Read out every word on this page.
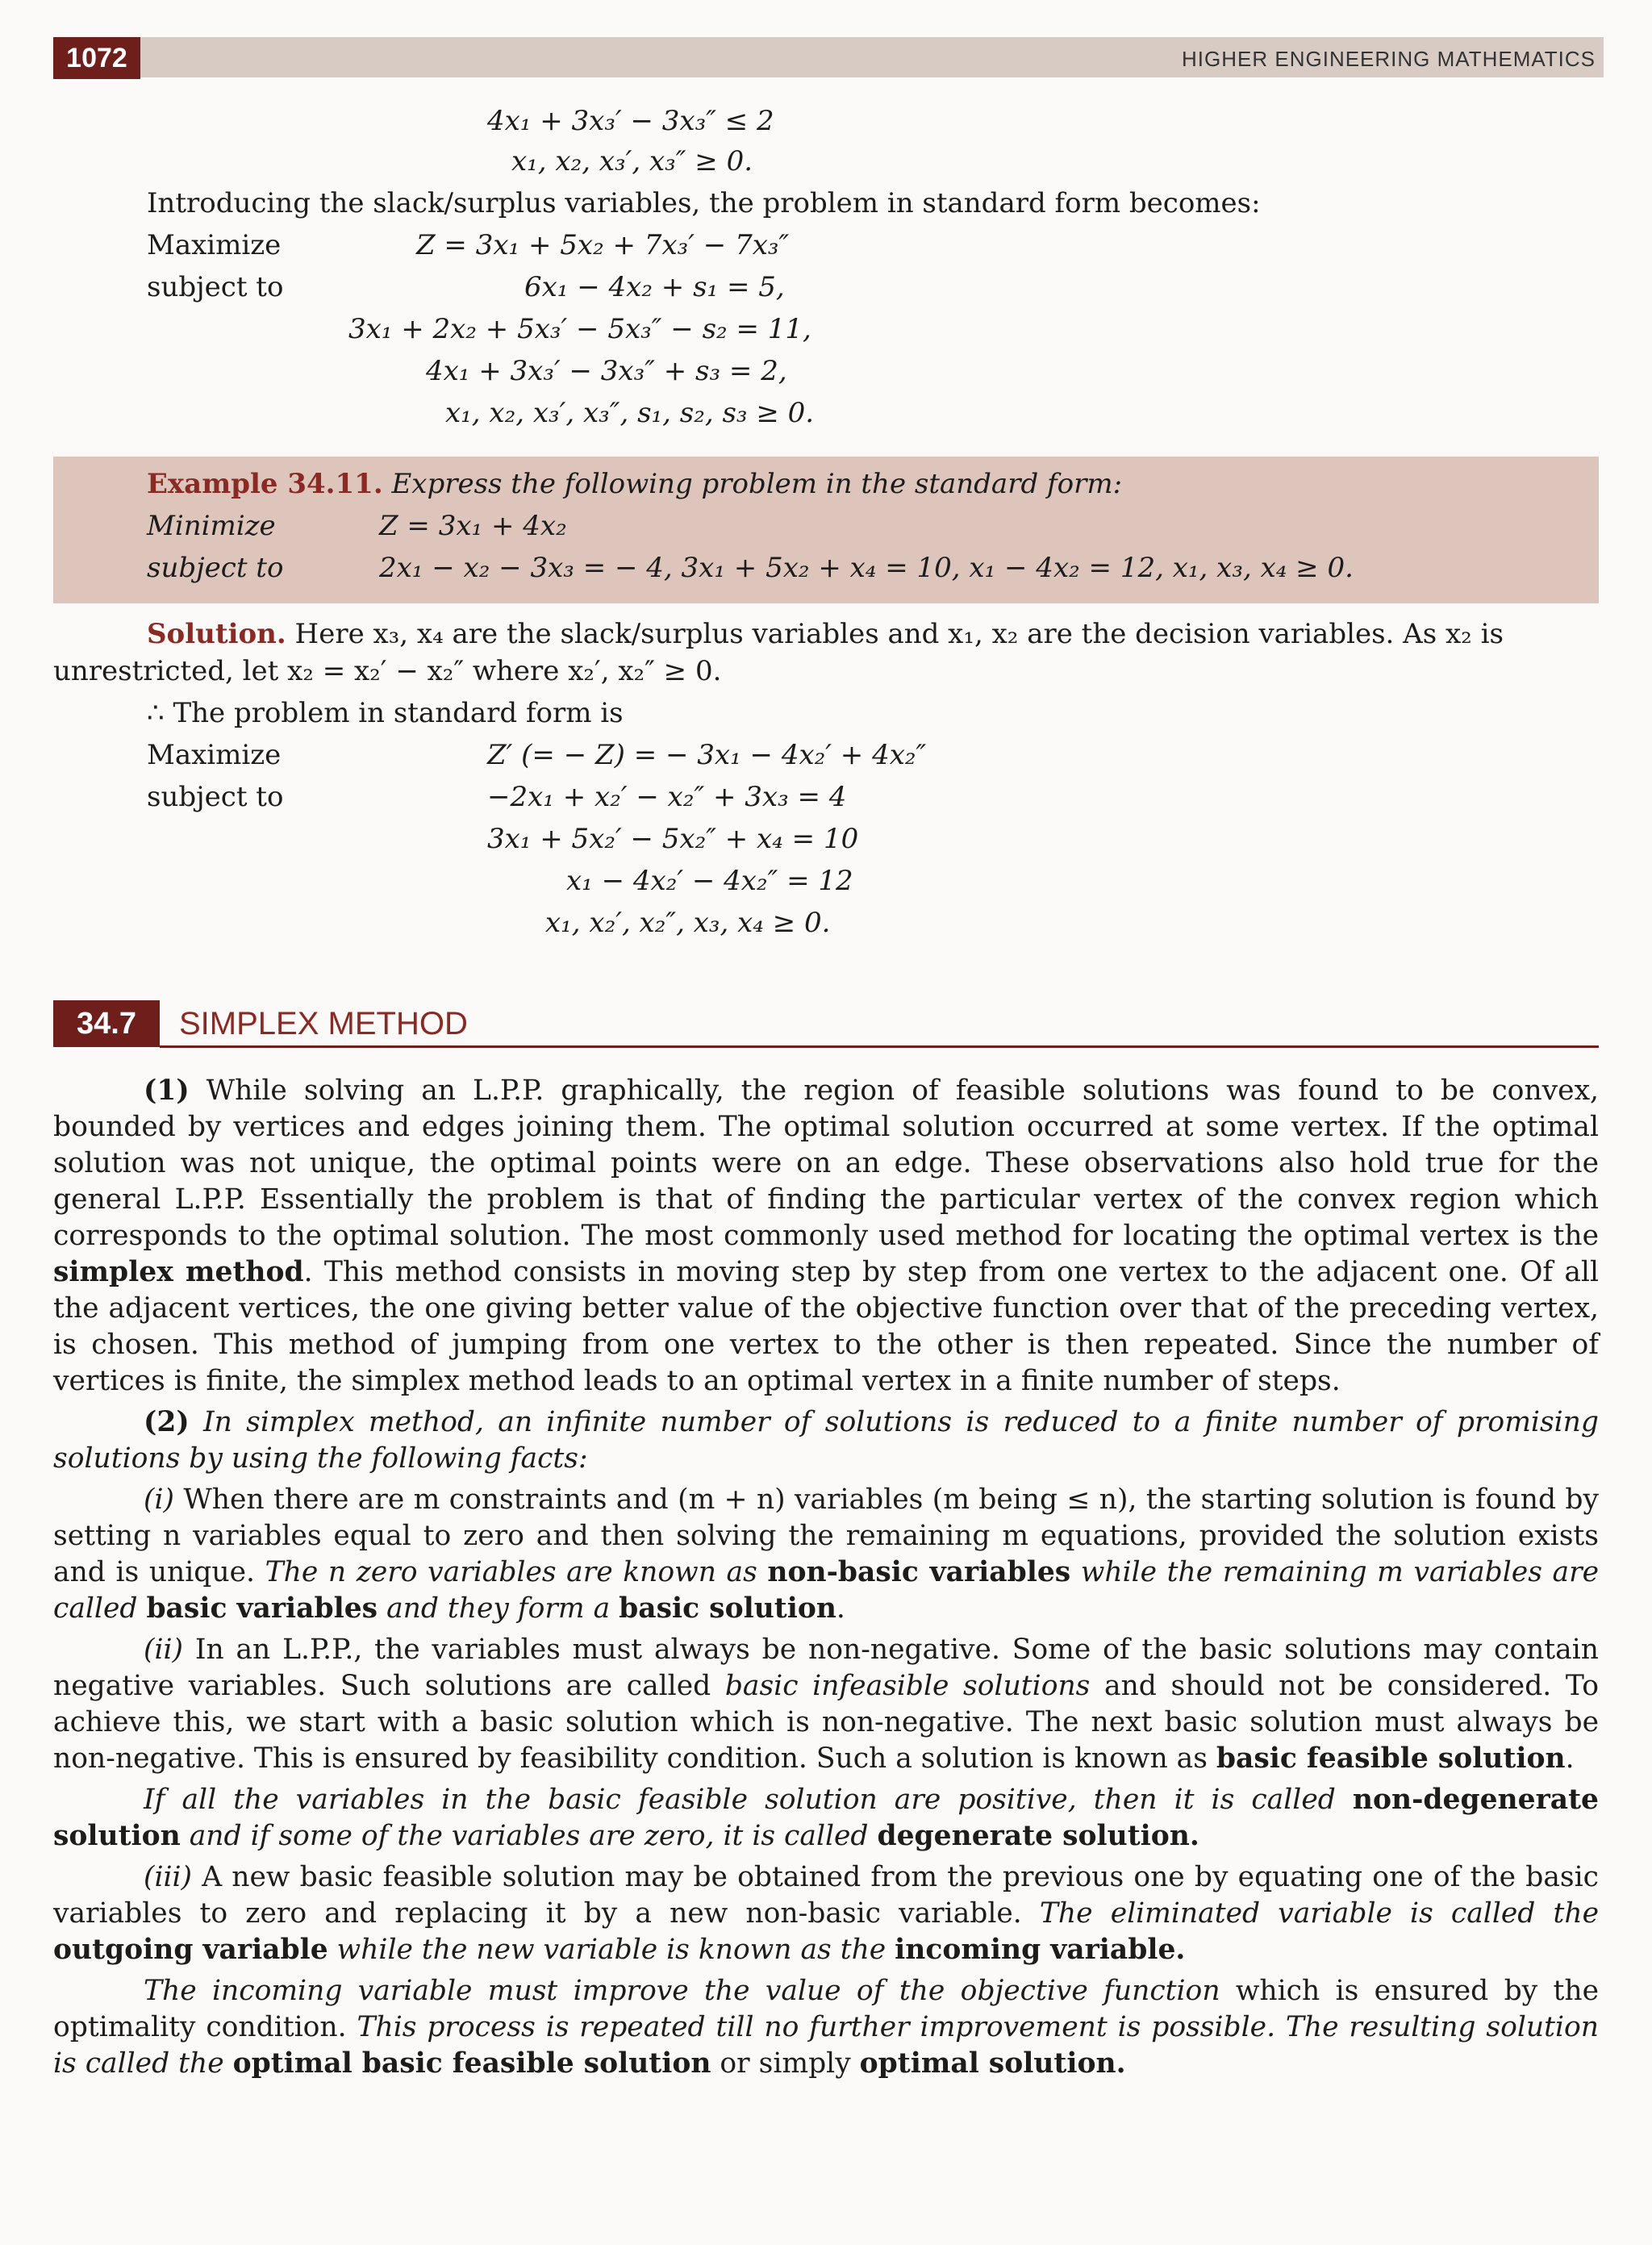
1072	HIGHER ENGINEERING MATHEMATICS
4x₁ + 3x₃′ − 3x₃″ ≤ 2
x₁, x₂, x₃′, x₃″ ≥ 0.
Introducing the slack/surplus variables, the problem in standard form becomes:
Maximize	Z = 3x₁ + 5x₂ + 7x₃′ − 7x₃″
subject to	6x₁ − 4x₂ + s₁ = 5,
3x₁ + 2x₂ + 5x₃′ − 5x₃″ − s₂ = 11,
4x₁ + 3x₃′ − 3x₃″ + s₃ = 2,
x₁, x₂, x₃′, x₃″, s₁, s₂, s₃ ≥ 0.
Example 34.11. Express the following problem in the standard form:
Minimize	Z = 3x₁ + 4x₂
subject to	2x₁ − x₂ − 3x₃ = − 4, 3x₁ + 5x₂ + x₄ = 10, x₁ − 4x₂ = 12, x₁, x₃, x₄ ≥ 0.
Solution. Here x₃, x₄ are the slack/surplus variables and x₁, x₂ are the decision variables. As x₂ is
unrestricted, let x₂ = x₂′ − x₂″ where x₂′, x₂″ ≥ 0.
∴ The problem in standard form is
Maximize	Z′ (= − Z) = − 3x₁ − 4x₂′ + 4x₂″
subject to	−2x₁ + x₂′ − x₂″ + 3x₃ = 4
3x₁ + 5x₂′ − 5x₂″ + x₄ = 10
x₁ − 4x₂′ − 4x₂″ = 12
x₁, x₂′, x₂″, x₃, x₄ ≥ 0.
34.7	SIMPLEX METHOD

(1) While solving an L.P.P. graphically, the region of feasible solutions was found to be convex, bounded by vertices and edges joining them. The optimal solution occurred at some vertex. If the optimal solution was not unique, the optimal points were on an edge. These observations also hold true for the general L.P.P. Essentially the problem is that of finding the particular vertex of the convex region which corresponds to the optimal solution. The most commonly used method for locating the optimal vertex is the simplex method. This method consists in moving step by step from one vertex to the adjacent one. Of all the adjacent vertices, the one giving better value of the objective function over that of the preceding vertex, is chosen. This method of jumping from one vertex to the other is then repeated. Since the number of vertices is finite, the simplex method leads to an optimal vertex in a finite number of steps.

(2) In simplex method, an infinite number of solutions is reduced to a finite number of promising solutions by using the following facts:

(i) When there are m constraints and (m + n) variables (m being ≤ n), the starting solution is found by setting n variables equal to zero and then solving the remaining m equations, provided the solution exists and is unique. The n zero variables are known as non-basic variables while the remaining m variables are called basic variables and they form a basic solution.

(ii) In an L.P.P., the variables must always be non-negative. Some of the basic solutions may contain negative variables. Such solutions are called basic infeasible solutions and should not be considered. To achieve this, we start with a basic solution which is non-negative. The next basic solution must always be non-negative. This is ensured by feasibility condition. Such a solution is known as basic feasible solution.

If all the variables in the basic feasible solution are positive, then it is called non-degenerate solution and if some of the variables are zero, it is called degenerate solution.

(iii) A new basic feasible solution may be obtained from the previous one by equating one of the basic variables to zero and replacing it by a new non-basic variable. The eliminated variable is called the outgoing variable while the new variable is known as the incoming variable.

The incoming variable must improve the value of the objective function which is ensured by the optimality condition. This process is repeated till no further improvement is possible. The resulting solution is called the optimal basic feasible solution or simply optimal solution.
